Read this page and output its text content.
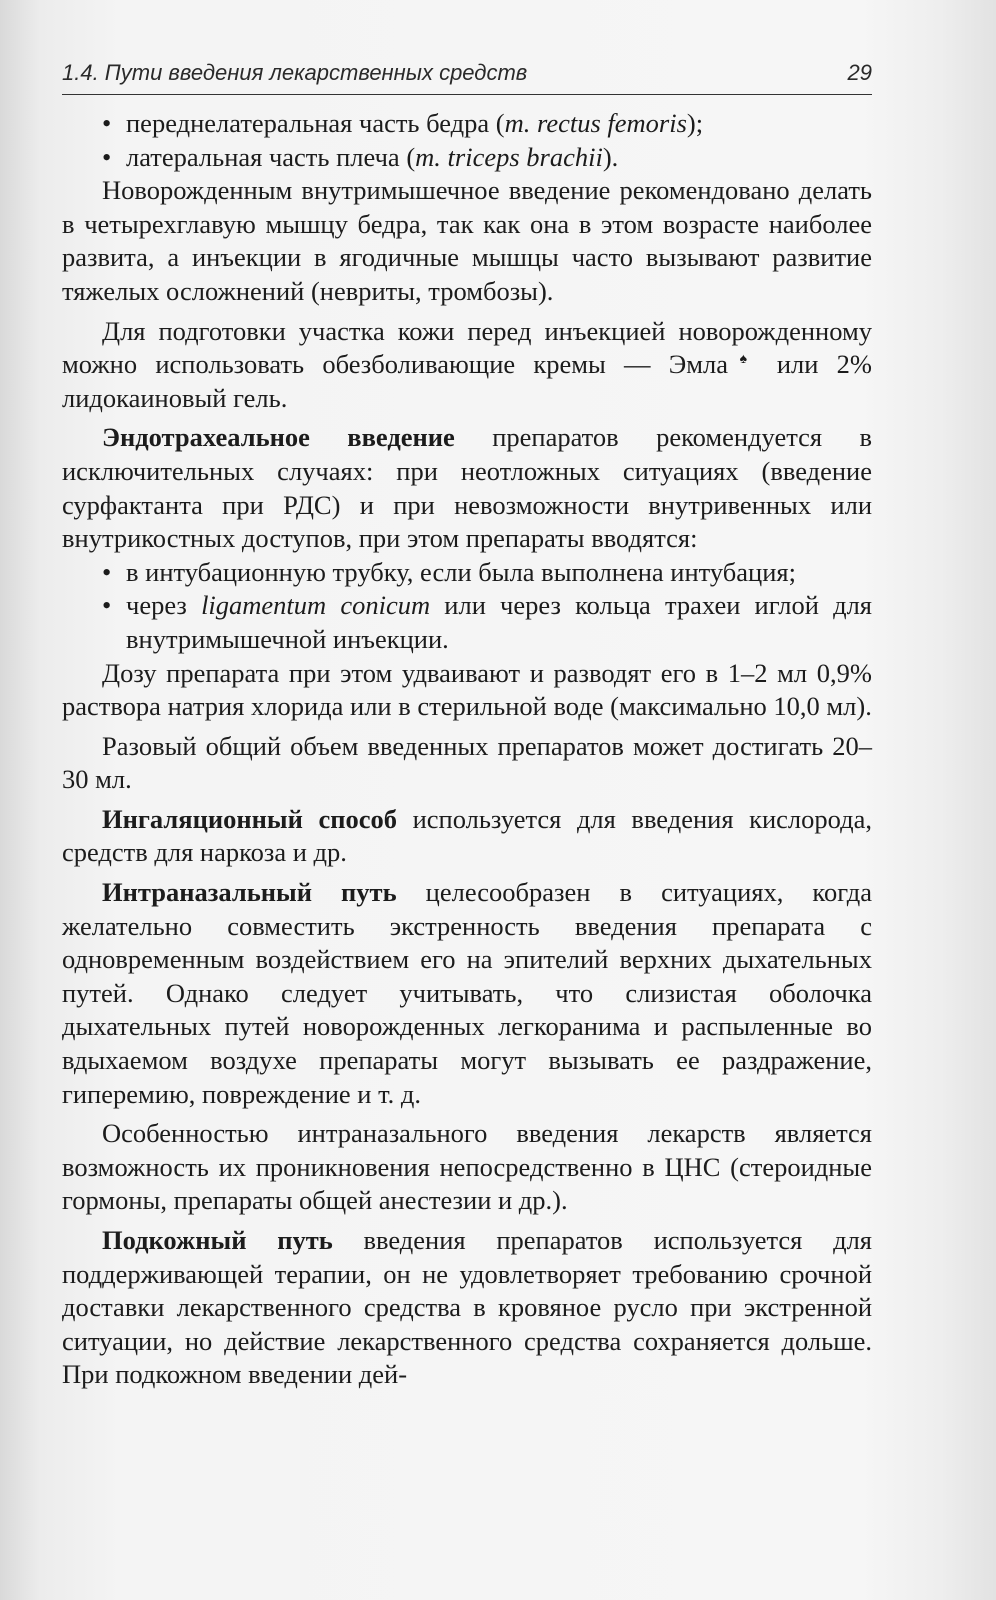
1.4. Пути введения лекарственных средств	29

• переднелатеральная часть бедра (m. rectus femoris);

• латеральная часть плеча (m. triceps brachii).

Новорожденным внутримышечное введение рекомендовано делать в четырехглавую мышцу бедра, так как она в этом возрасте наиболее развита, а инъекции в ягодичные мышцы часто вызывают развитие тяжелых осложнений (невриты, тромбозы).

Для подготовки участка кожи перед инъекцией новорожденному можно использовать обезболивающие кремы — Эмла♠ или 2% лидокаиновый гель.

Эндотрахеальное введение препаратов рекомендуется в исключительных случаях: при неотложных ситуациях (введение сурфактанта при РДС) и при невозможности внутривенных или внутрикостных доступов, при этом препараты вводятся:

• в интубационную трубку, если была выполнена интубация;

• через ligamentum conicum или через кольца трахеи иглой для внутримышечной инъекции.

Дозу препарата при этом удваивают и разводят его в 1–2 мл 0,9% раствора натрия хлорида или в стерильной воде (максимально 10,0 мл).

Разовый общий объем введенных препаратов может достигать 20–30 мл.

Ингаляционный способ используется для введения кислорода, средств для наркоза и др.

Интраназальный путь целесообразен в ситуациях, когда желательно совместить экстренность введения препарата с одновременным воздействием его на эпителий верхних дыхательных путей. Однако следует учитывать, что слизистая оболочка дыхательных путей новорожденных легкоранима и распыленные во вдыхаемом воздухе препараты могут вызывать ее раздражение, гиперемию, повреждение и т. д.

Особенностью интраназального введения лекарств является возможность их проникновения непосредственно в ЦНС (стероидные гормоны, препараты общей анестезии и др.).

Подкожный путь введения препаратов используется для поддерживающей терапии, он не удовлетворяет требованию срочной доставки лекарственного средства в кровяное русло при экстренной ситуации, но действие лекарственного средства сохраняется дольше. При подкожном введении дей-
